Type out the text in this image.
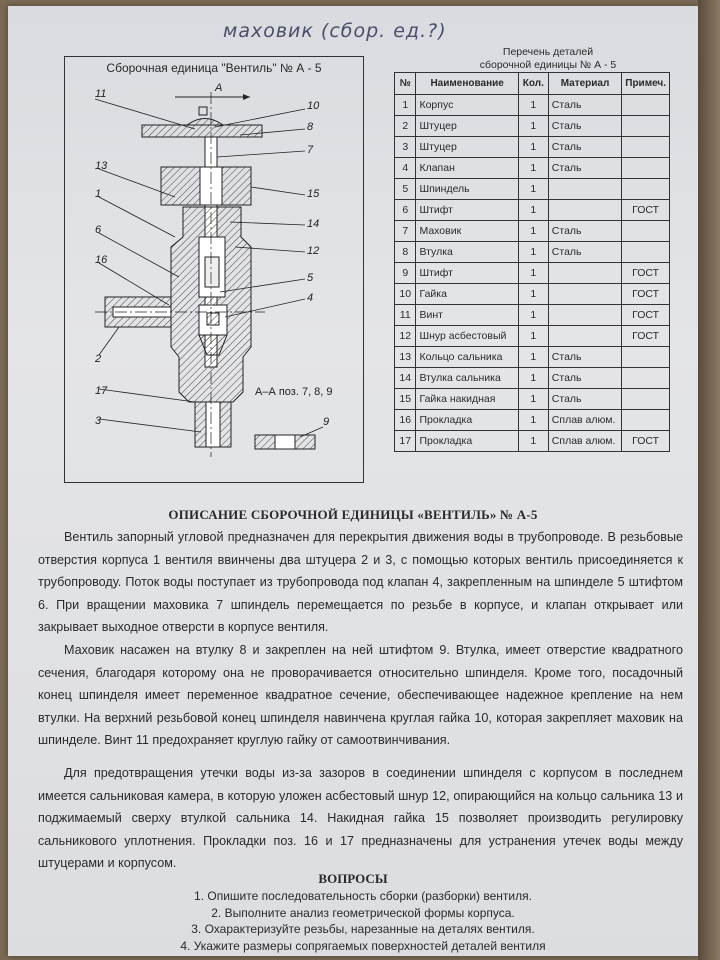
маховик (сбор. ед.?)
Сборочная единица "Вентиль" № А - 5
11
10
8
7
13
15
1
14
6
12
16
5
4
2
17
3	9
А
А–А поз. 7, 8, 9
Перечень деталей
сборочной единицы № А - 5
№	Наименование	Кол.	Материал	Примеч.
1	Корпус	1	Сталь	
2	Штуцер	1	Сталь	
3	Штуцер	1	Сталь	
4	Клапан	1	Сталь	
5	Шпиндель	1		
6	Штифт	1		ГОСТ
7	Маховик	1	Сталь	
8	Втулка	1	Сталь	
9	Штифт	1		ГОСТ
10	Гайка	1		ГОСТ
11	Винт	1		ГОСТ
12	Шнур асбестовый	1		ГОСТ
13	Кольцо сальника	1	Сталь	
14	Втулка сальника	1	Сталь	
15	Гайка накидная	1	Сталь	
16	Прокладка	1	Сплав алюм.	
17	Прокладка	1	Сплав алюм.	ГОСТ
ОПИСАНИЕ СБОРОЧНОЙ ЕДИНИЦЫ «ВЕНТИЛЬ» № А-5
Вентиль запорный угловой предназначен для перекрытия движения воды в трубопроводе. В резьбовые отверстия корпуса 1 вентиля ввинчены два штуцера 2 и 3, с помощью которых вентиль присоединяется к трубопроводу. Поток воды поступает из трубопровода под клапан 4, закрепленным на шпинделе 5 штифтом 6. При вращении маховика 7 шпиндель перемещается по резьбе в корпусе, и клапан открывает или закрывает выходное отверсти в корпусе вентиля.
Маховик насажен на втулку 8 и закреплен на ней штифтом 9. Втулка, имеет отверстие квадратного сечения, благодаря которому она не проворачивается относительно шпинделя. Кроме того, посадочный конец шпинделя имеет переменное квадратное сечение, обеспечивающее надежное крепление на нем втулки. На верхний резьбовой конец шпинделя навинчена круглая гайка 10, которая закрепляет маховик на шпинделе. Винт 11 предохраняет круглую гайку от самоотвинчивания.
Для предотвращения утечки воды из-за зазоров в соединении шпинделя с корпусом в последнем имеется сальниковая камера, в которую уложен асбестовый шнур 12, опирающийся на кольцо сальника 13 и поджимаемый сверху втулкой сальника 14. Накидная гайка 15 позволяет производить регулировку сальникового уплотнения. Прокладки поз. 16 и 17 предназначены для устранения утечек воды между штуцерами и корпусом.
ВОПРОСЫ
1. Опишите последовательность сборки (разборки) вентиля.
2. Выполните анализ геометрической формы корпуса.
3. Охарактеризуйте резьбы, нарезанные на деталях вентиля.
4. Укажите размеры сопрягаемых поверхностей деталей вентиля
